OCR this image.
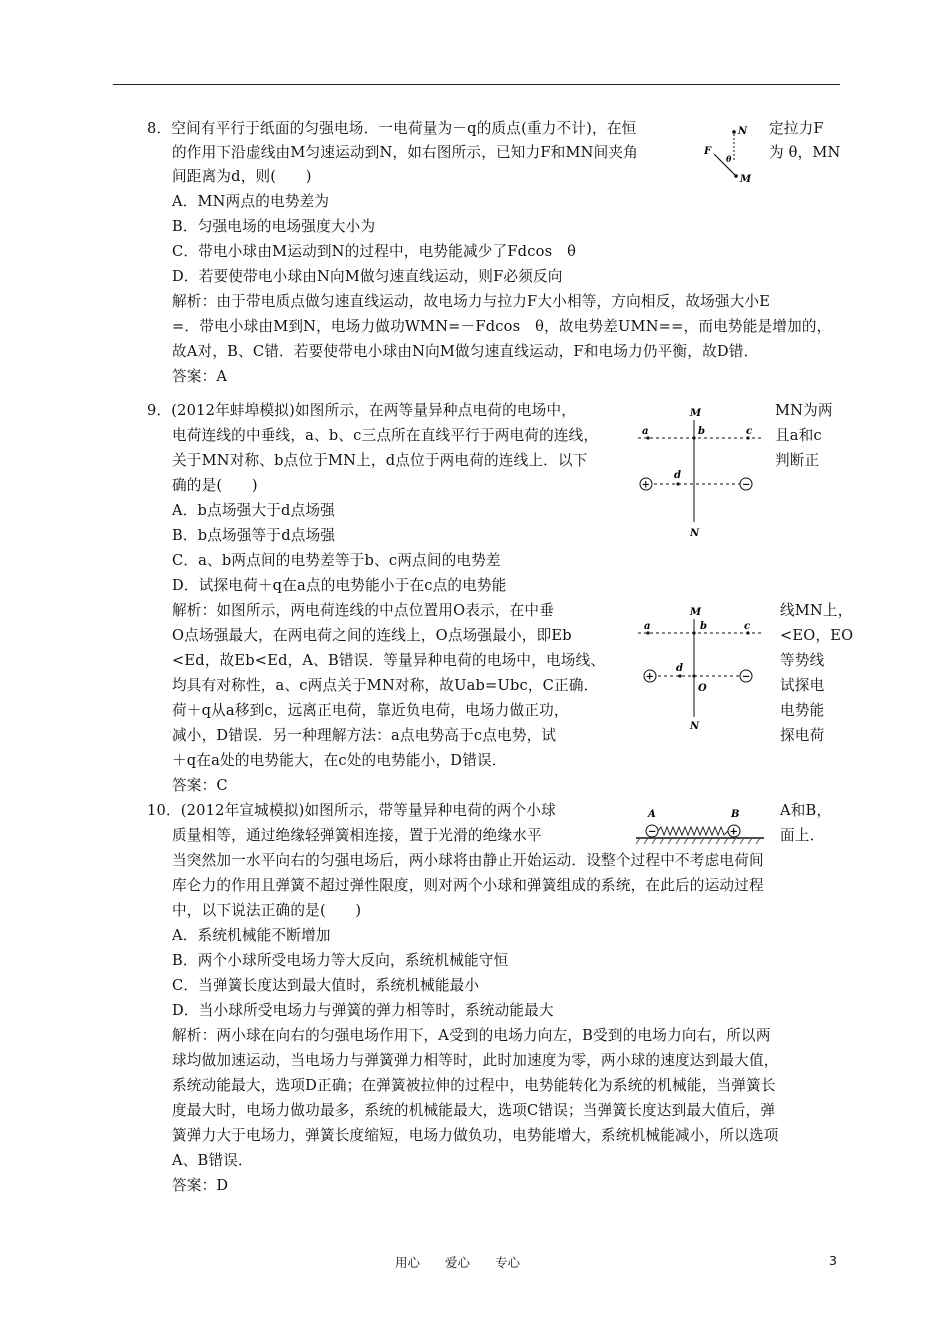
8．空间有平行于纸面的匀强电场．一电荷量为－q的质点(重力不计)，在恒	定拉力F
的作用下沿虚线由M匀速运动到N，如右图所示，已知力F和MN间夹角	为 θ，MN
间距离为d，则(　　)
A．MN两点的电势差为
B．匀强电场的电场强度大小为
C．带电小球由M运动到N的过程中，电势能减少了Fdcos　θ
D．若要使带电小球由N向M做匀速直线运动，则F必须反向
解析：由于带电质点做匀速直线运动，故电场力与拉力F大小相等，方向相反，故场强大小E
=．带电小球由M到N，电场力做功WMN=－Fdcos　θ，故电势差UMN==，而电势能是增加的，
故A对，B、C错．若要使带电小球由N向M做匀速直线运动，F和电场力仍平衡，故D错．
答案：A
N
M
F
θ
9．(2012年蚌埠模拟)如图所示，在两等量异种点电荷的电场中，	MN为两
电荷连线的中垂线，a、b、c三点所在直线平行于两电荷的连线，	且a和c
关于MN对称、b点位于MN上，d点位于两电荷的连线上．以下	判断正
确的是(　　)
A．b点场强大于d点场强
B．b点场强等于d点场强
C．a、b两点间的电势差等于b、c两点间的电势差
D．试探电荷＋q在a点的电势能小于在c点的电势能
解析：如图所示，两电荷连线的中点位置用O表示，在中垂	线MN上，
O点场强最大，在两电荷之间的连线上，O点场强最小，即Eb	<EO，EO
<Ed，故Eb<Ed，A、B错误．等量异种电荷的电场中，电场线、	等势线
均具有对称性，a、c两点关于MN对称，故Uab=Ubc，C正确．	试探电
荷＋q从a移到c，远离正电荷，靠近负电荷，电场力做正功，	电势能
减小，D错误．另一种理解方法：a点电势高于c点电势，试	探电荷
＋q在a处的电势能大，在c处的电势能小，D错误．
答案：C
+	−
M
N
a	b	c
d
+	−
M
N
a	b	c
d
O
10．(2012年宣城模拟)如图所示，带等量异种电荷的两个小球	A和B，
质量相等，通过绝缘轻弹簧相连接，置于光滑的绝缘水平	面上．
当突然加一水平向右的匀强电场后，两小球将由静止开始运动．设整个过程中不考虑电荷间
库仑力的作用且弹簧不超过弹性限度，则对两个小球和弹簧组成的系统，在此后的运动过程
中，以下说法正确的是(　　)
A．系统机械能不断增加
B．两个小球所受电场力等大反向，系统机械能守恒
C．当弹簧长度达到最大值时，系统机械能最小
D．当小球所受电场力与弹簧的弹力相等时，系统动能最大
解析：两小球在向右的匀强电场作用下，A受到的电场力向左，B受到的电场力向右，所以两
球均做加速运动，当电场力与弹簧弹力相等时，此时加速度为零，两小球的速度达到最大值，
系统动能最大，选项D正确；在弹簧被拉伸的过程中，电势能转化为系统的机械能，当弹簧长
度最大时，电场力做功最多，系统的机械能最大，选项C错误；当弹簧长度达到最大值后，弹
簧弹力大于电场力，弹簧长度缩短，电场力做负功，电势能增大，系统机械能减小，所以选项
A、B错误．
答案：D
−	+
A	B
用心　　爱心　　专心	3
